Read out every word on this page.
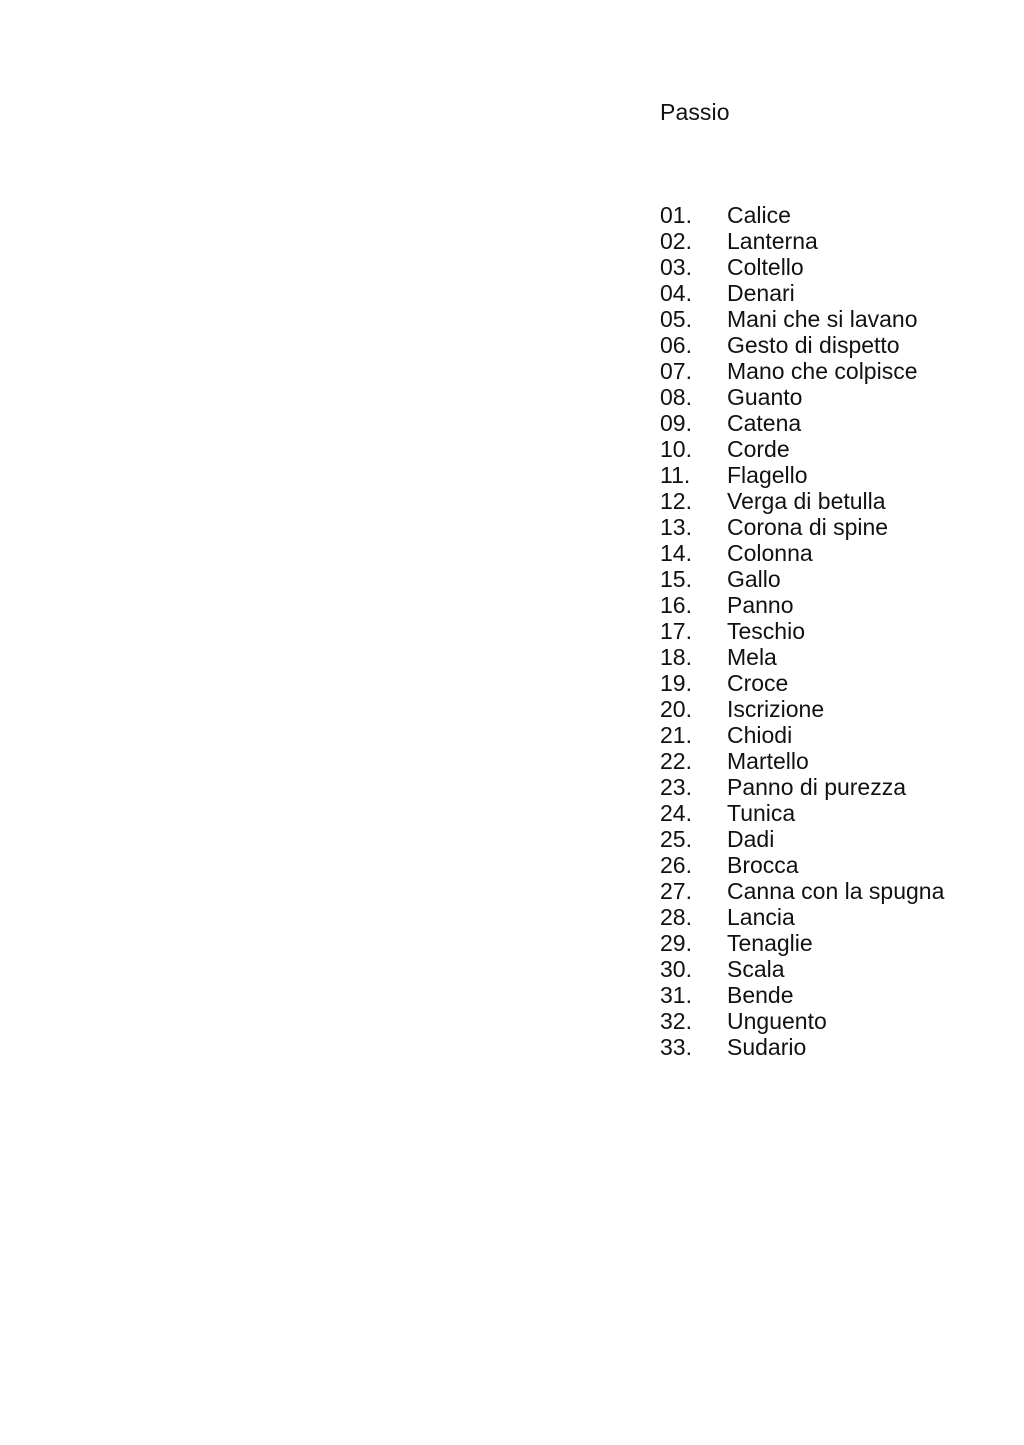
Passio
01.	Calice
02.	Lanterna
03.	Coltello
04.	Denari
05.	Mani che si lavano
06.	Gesto di dispetto
07.	Mano che colpisce
08.	Guanto
09.	Catena
10.	Corde
11.	Flagello
12.	Verga di betulla
13.	Corona di spine
14.	Colonna
15.	Gallo
16.	Panno
17.	Teschio
18.	Mela
19.	Croce
20.	Iscrizione
21.	Chiodi
22.	Martello
23.	Panno di purezza
24.	Tunica
25.	Dadi
26.	Brocca
27.	Canna con la spugna
28.	Lancia
29.	Tenaglie
30.	Scala
31.	Bende
32.	Unguento
33.	Sudario
